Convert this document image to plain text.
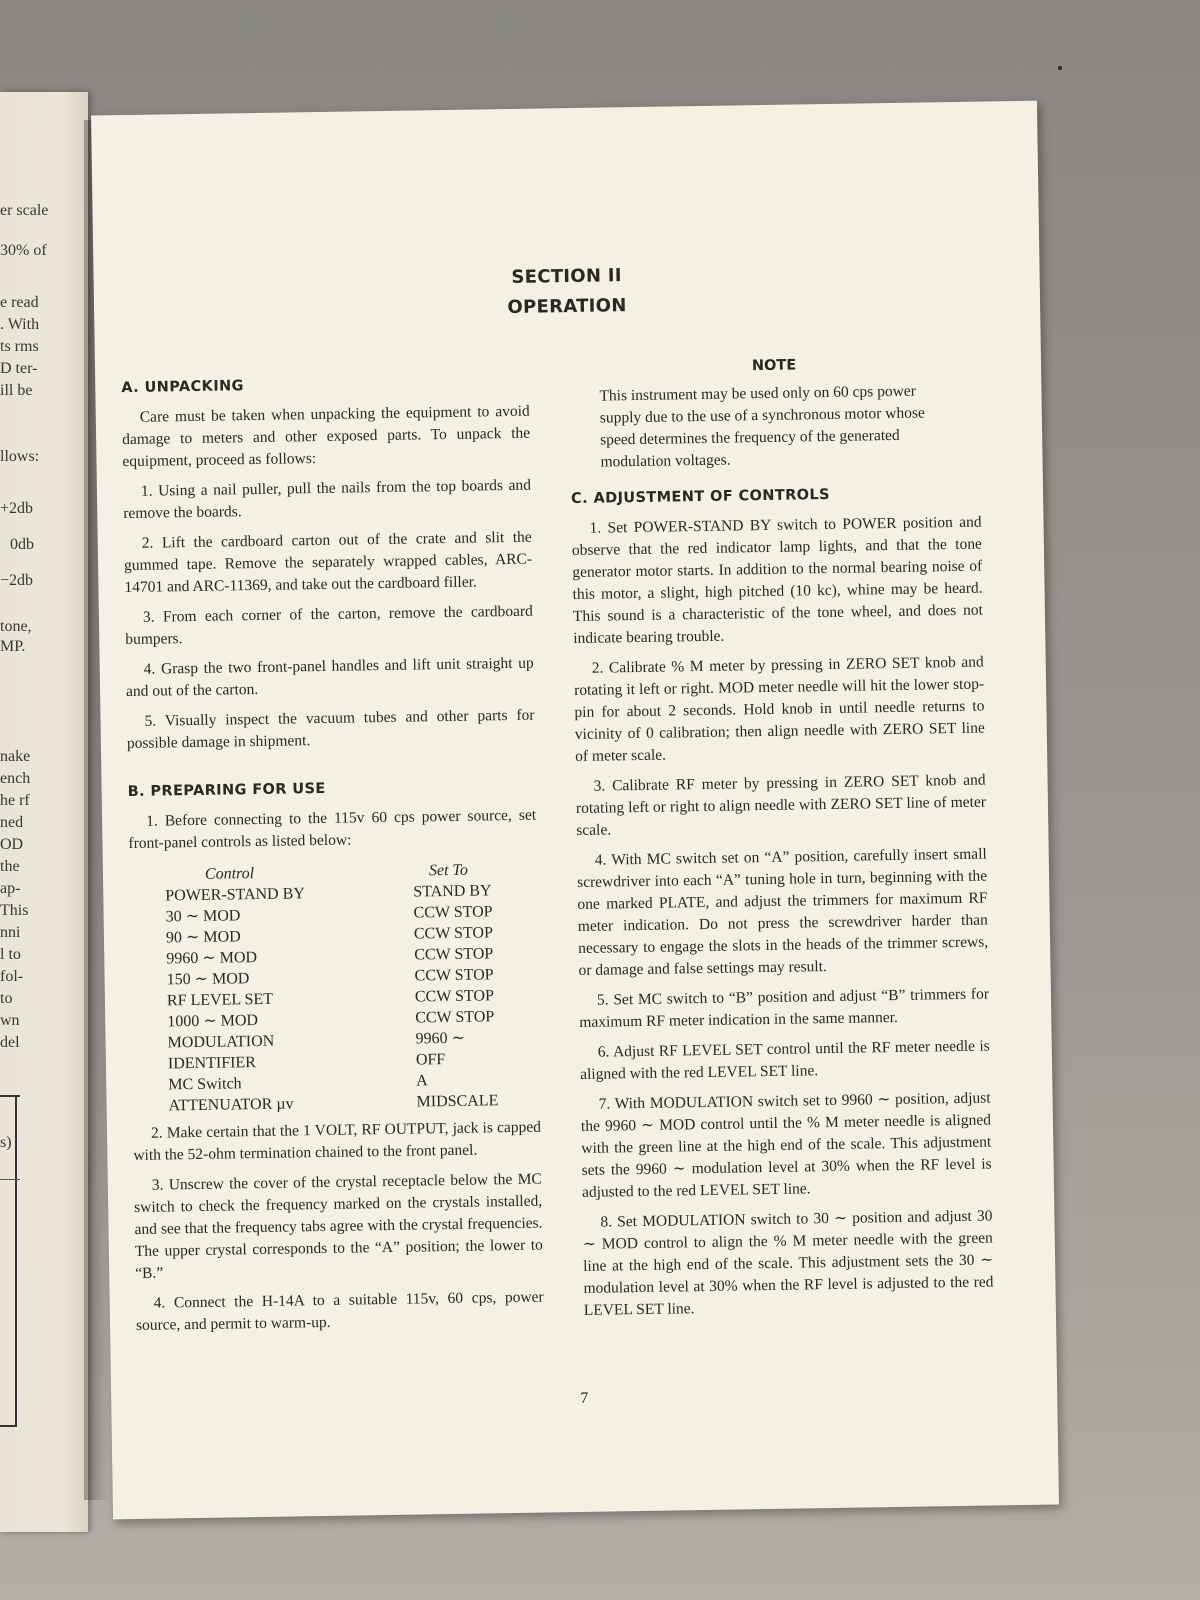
er scale
30% of
e read
. With
ts rms
D ter-
ill be
llows:
+2db
0db
−2db
tone,
MP.
nake
ench
he rf
ned
OD
the
ap-
This
nni
l to
fol-
to
wn
del
s)
SECTION II
OPERATION
A. UNPACKING

Care must be taken when unpacking the equipment to avoid damage to meters and other exposed parts. To unpack the equipment, proceed as follows:

1. Using a nail puller, pull the nails from the top boards and remove the boards.

2. Lift the cardboard carton out of the crate and slit the gummed tape. Remove the separately wrapped cables, ARC-14701 and ARC-11369, and take out the cardboard filler.

3. From each corner of the carton, remove the cardboard bumpers.

4. Grasp the two front-panel handles and lift unit straight up and out of the carton.

5. Visually inspect the vacuum tubes and other parts for possible damage in shipment.

B. PREPARING FOR USE

1. Before connecting to the 115v 60 cps power source, set front-panel controls as listed below:

Control	Set To
POWER-STAND BY	STAND BY
30 ∼ MOD	CCW STOP
90 ∼ MOD	CCW STOP
9960 ∼ MOD	CCW STOP
150 ∼ MOD	CCW STOP
RF LEVEL SET	CCW STOP
1000 ∼ MOD	CCW STOP
MODULATION	9960 ∼
IDENTIFIER	OFF
MC Switch	A
ATTENUATOR µv	MIDSCALE

2. Make certain that the 1 VOLT, RF OUTPUT, jack is capped with the 52-ohm termination chained to the front panel.

3. Unscrew the cover of the crystal receptacle below the MC switch to check the frequency marked on the crystals installed, and see that the frequency tabs agree with the crystal frequencies. The upper crystal corresponds to the “A” position; the lower to “B.”

4. Connect the H-14A to a suitable 115v, 60 cps, power source, and permit to warm-up.

NOTE

This instrument may be used only on 60 cps power supply due to the use of a synchronous motor whose speed determines the frequency of the generated modulation voltages.

C. ADJUSTMENT OF CONTROLS

1. Set POWER-STAND BY switch to POWER position and observe that the red indicator lamp lights, and that the tone generator motor starts. In addition to the normal bearing noise of this motor, a slight, high pitched (10 kc), whine may be heard. This sound is a characteristic of the tone wheel, and does not indicate bearing trouble.

2. Calibrate % M meter by pressing in ZERO SET knob and rotating it left or right. MOD meter needle will hit the lower stop-pin for about 2 seconds. Hold knob in until needle returns to vicinity of 0 calibration; then align needle with ZERO SET line of meter scale.

3. Calibrate RF meter by pressing in ZERO SET knob and rotating left or right to align needle with ZERO SET line of meter scale.

4. With MC switch set on “A” position, carefully insert small screwdriver into each “A” tuning hole in turn, beginning with the one marked PLATE, and adjust the trimmers for maximum RF meter indication. Do not press the screwdriver harder than necessary to engage the slots in the heads of the trimmer screws, or damage and false settings may result.

5. Set MC switch to “B” position and adjust “B” trimmers for maximum RF meter indication in the same manner.

6. Adjust RF LEVEL SET control until the RF meter needle is aligned with the red LEVEL SET line.

7. With MODULATION switch set to 9960 ∼ position, adjust the 9960 ∼ MOD control until the % M meter needle is aligned with the green line at the high end of the scale. This adjustment sets the 9960 ∼ modulation level at 30% when the RF level is adjusted to the red LEVEL SET line.

8. Set MODULATION switch to 30 ∼ position and adjust 30 ∼ MOD control to align the % M meter needle with the green line at the high end of the scale. This adjustment sets the 30 ∼ modulation level at 30% when the RF level is adjusted to the red LEVEL SET line.

7
